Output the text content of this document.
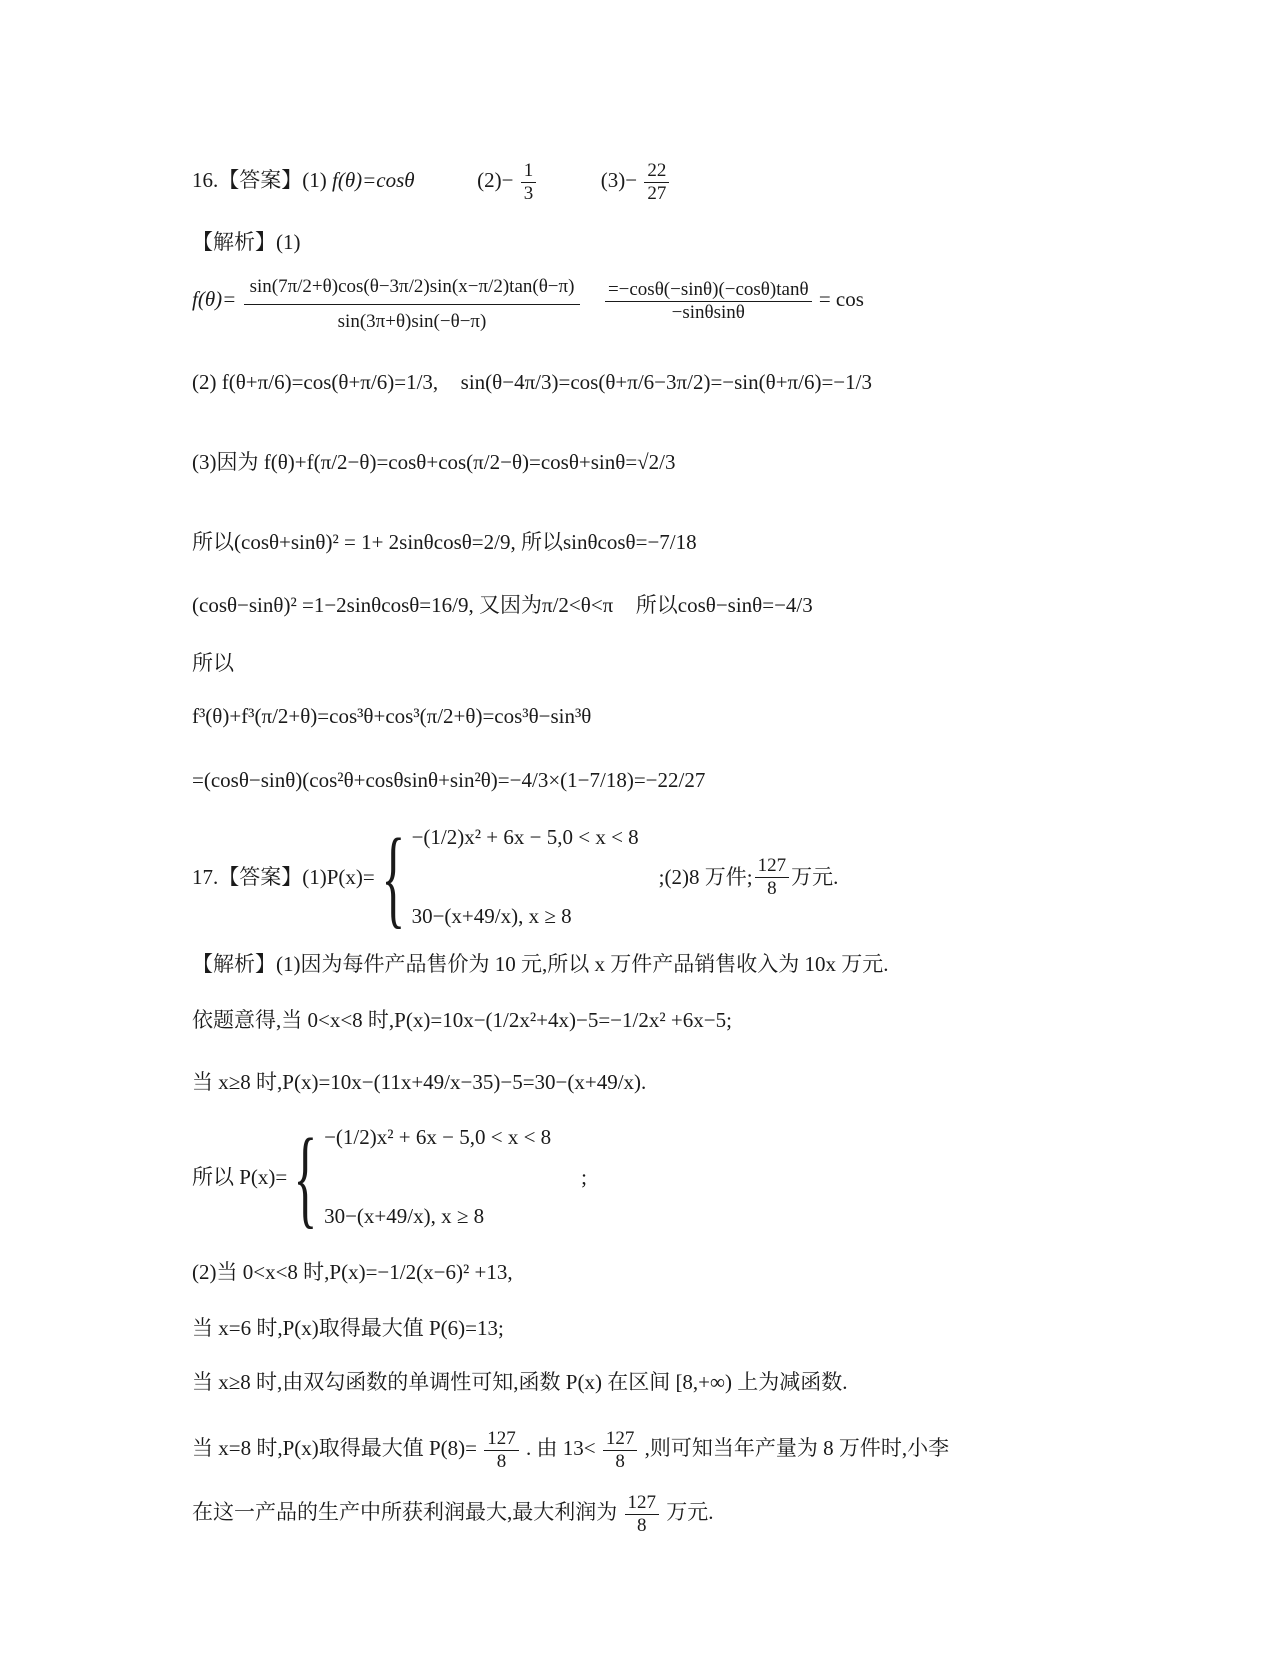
16.【答案】(1) f(θ)=cosθ	$(2)- \frac{1}{3}$	$(3)- \frac{22}{27}$
【解析】(1)
$f(\theta)= \frac{\sin(7\pi/2+\theta)\cos(\theta-3\pi/2)\sin(x-\pi/2)\tan(\theta-\pi)}{\sin(3\pi+\theta)\sin(-\theta-\pi)}$
$\frac{=-\cos\theta(-\sin\theta)(-\cos\theta)\tan\theta}{-\sin\theta\sin\theta} = \cos$
(2) f(θ+π/6)=cos(θ+π/6)=1/3, sin(θ−4π/3)=cos(θ+π/6−3π/2)=−sin(θ+π/6)=−1/3
(3)因为 f(θ)+f(π/2−θ)=cosθ+cos(π/2−θ)=cosθ+sinθ=√2/3
所以(cosθ+sinθ)² = 1+ 2sinθcosθ=2/9, 所以sinθcosθ=−7/18
(cosθ−sinθ)² =1−2sinθcosθ=16/9, 又因为π/2<θ<π 所以cosθ−sinθ=−4/3
所以
f³(θ)+f³(π/2+θ)=cos³θ+cos³(π/2+θ)=cos³θ−sin³θ
=(cosθ−sinθ)(cos²θ+cosθsinθ+sin²θ)=−4/3×(1−7/18)=−22/27
17.【答案】(1) P(x)= { −(1/2)x² + 6x − 5,0 < x < 8
30−(x+49/x), x ≥ 8
;(2)8 万件; $\frac{127}{8}$ 万元.
【解析】(1)因为每件产品售价为 10 元,所以 x 万件产品销售收入为 10x 万元.
依题意得,当 0<x<8 时,P(x)=10x−(1/2x²+4x)−5=−1/2x² +6x−5;
当 x≥8 时,P(x)=10x−(11x+49/x−35)−5=30−(x+49/x).
所以 P(x)= { −(1/2)x² + 6x − 5,0 < x < 8
30−(x+49/x), x ≥ 8
;
(2)当 0<x<8 时,P(x)=−1/2(x−6)² +13,
当 x=6 时,P(x)取得最大值 P(6)=13;
当 x≥8 时,由双勾函数的单调性可知,函数 P(x) 在区间 [8,+∞) 上为减函数.
当 x=8 时,P(x)取得最大值 $P(8)= \frac{127}{8}$ . 由 $13< \frac{127}{8}$ ,则可知当年产量为 8 万件时,小李
在这一产品的生产中所获利润最大,最大利润为 $\frac{127}{8}$ 万元.
